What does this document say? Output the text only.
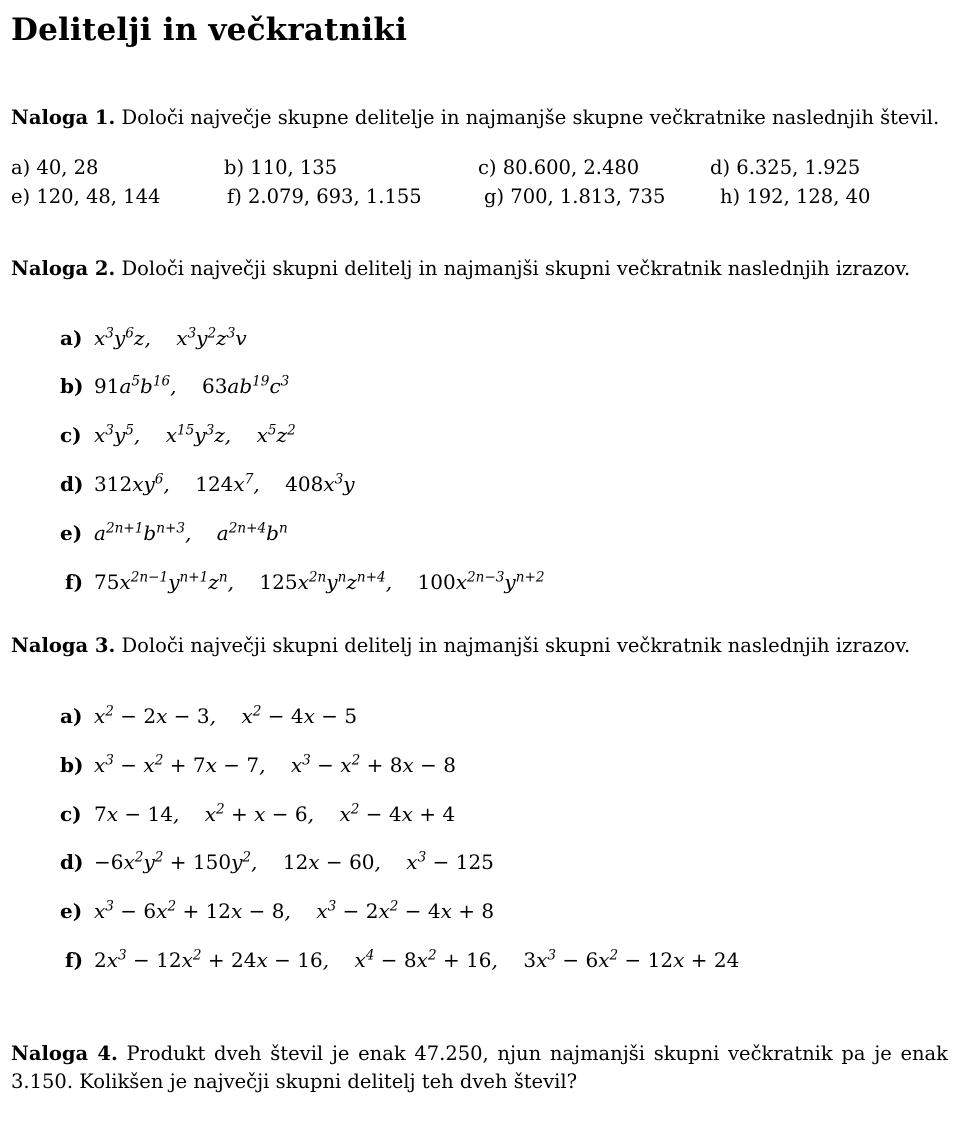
Delitelji in večkratniki
Naloga 1. Določi največje skupne delitelje in najmanjše skupne večkratnike naslednjih števil.
a) 40, 28	b) 110, 135	c) 80.600, 2.480	d) 6.325, 1.925
e) 120, 48, 144	f) 2.079, 693, 1.155	g) 700, 1.813, 735	h) 192, 128, 40
Naloga 2. Določi največji skupni delitelj in najmanjši skupni večkratnik naslednjih izrazov.
a) $x^3y^6z$,    $x^3y^2z^3v$
b) $91a^5b^{16}$,    $63ab^{19}c^3$
c) $x^3y^5$,    $x^{15}y^3z$,    $x^5z^2$
d) $312xy^6$,    $124x^7$,    $408x^3y$
e) $a^{2n+1}b^{n+3}$,    $a^{2n+4}b^n$
f) $75x^{2n-1}y^{n+1}z^n$,    $125x^{2n}y^nz^{n+4}$,    $100x^{2n-3}y^{n+2}$
Naloga 3. Določi največji skupni delitelj in najmanjši skupni večkratnik naslednjih izrazov.
a) $x^2 - 2x - 3$,    $x^2 - 4x - 5$
b) $x^3 - x^2 + 7x - 7$,    $x^3 - x^2 + 8x - 8$
c) 7x − 14,    $x^2 + x - 6$,    $x^2 - 4x + 4$
$d) -6x^2y^2 + 150y^2$,    12x − 60,    $x^3 - 125$
e) $x^3 - 6x^2 + 12x - 8$,    $x^3 - 2x^2 - 4x + 8$
f) $2x^3 - 12x^2 + 24x - 16$,    $x^4 - 8x^2 + 16$,    $3x^3 - 6x^2 - 12x + 24$
Naloga 4. Produkt dveh števil je enak 47.250, njun najmanjši skupni večkratnik pa je enak 3.150. Kolikšen je največji skupni delitelj teh dveh števil?
